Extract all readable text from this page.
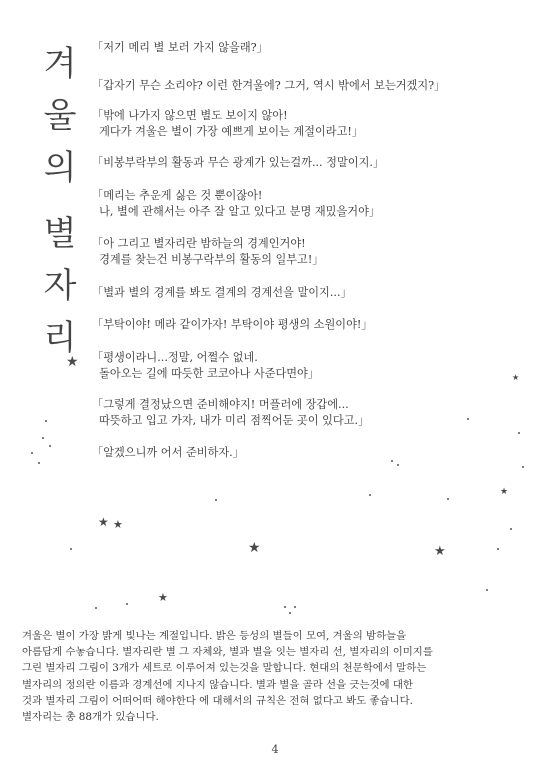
겨
울
의
별
자
리
「저기 메리 별 보러 가지 않을래?」
「갑자기 무슨 소리야? 이런 한겨울에? 그거, 역시 밖에서 보는거겠지?」
「밖에 나가지 않으면 별도 보이지 않아!
게다가 겨울은 별이 가장 예쁘게 보이는 계절이라고!」
「비봉부락부의 활동과 무슨 광계가 있는걸까... 정말이지.」
「메리는 추운게 싫은 것 뿐이잖아!
나, 별에 관해서는 아주 잘 알고 있다고 분명 재밌을거야」
「아 그리고 별자리란 밤하늘의 경계인거야!
경계를 찾는건 비봉구락부의 활동의 일부고!」
「별과 별의 경계를 봐도 결계의 경계선을 말이지...」
「부탁이야! 메라 같이가자! 부탁이야 평생의 소원이야!」
「평생이라니...정말, 어쩔수 없네.
돌아오는 길에 따듯한 코코아나 사준다면야」
「그렇게 결정났으면 준비해야지! 머플러에 장갑에...
따뜻하고 입고 가자, 내가 미리 점찍어둔 곳이 있다고.」
「알겠으니까 어서 준비하자.」
★
★ ★
★	★
★
★
★
겨울은 별이 가장 밝게 빛나는 계절입니다. 밝은 등성의 별들이 모여, 겨울의 밤하늘을
아름답게 수놓습니다. 별자리란 별 그 자체와, 별과 별을 잇는 별자리 선, 별자리의 이미지를
그린 별자리 그림이 3개가 세트로 이루어져 있는것을 말합니다. 현대의 천문학에서 말하는
별자리의 정의란 이름과 경계선에 지나지 않습니다. 별과 별을 골라 선을 긋는것에 대한
것과 별자리 그림이 어떠어떠 해야한다 에 대해서의 규칙은 전혀 없다고 봐도 좋습니다.
별자리는 총 88개가 있습니다.
4
